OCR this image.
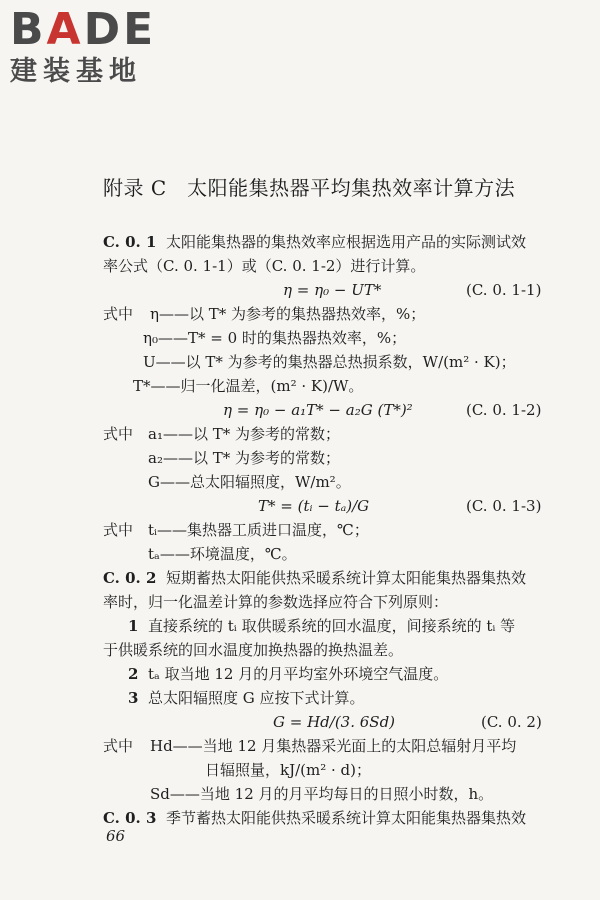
BADE
建装基地
附录 C　太阳能集热器平均集热效率计算方法
C. 0. 1 太阳能集热器的集热效率应根据选用产品的实际测试效
率公式（C. 0. 1-1）或（C. 0. 1-2）进行计算。
η = η₀ − UT*	(C. 0. 1-1)
式中 η——以 T* 为参考的集热器热效率，%；
η₀——T* = 0 时的集热器热效率，%；
U——以 T* 为参考的集热器总热损系数，W/(m² · K)；
T*——归一化温差，(m² · K)/W。
η = η₀ − a₁T* − a₂G (T*)²	(C. 0. 1-2)
式中 a₁——以 T* 为参考的常数；
a₂——以 T* 为参考的常数；
G——总太阳辐照度，W/m²。
T* = (tᵢ − tₐ)/G	(C. 0. 1-3)
式中 tᵢ——集热器工质进口温度，℃；
tₐ——环境温度，℃。
C. 0. 2 短期蓄热太阳能供热采暖系统计算太阳能集热器集热效
率时，归一化温差计算的参数选择应符合下列原则：
1 直接系统的 tᵢ 取供暖系统的回水温度，间接系统的 tᵢ 等
于供暖系统的回水温度加换热器的换热温差。
2 tₐ 取当地 12 月的月平均室外环境空气温度。
3 总太阳辐照度 G 应按下式计算。
G = Hd/(3. 6Sd)	(C. 0. 2)
式中 Hd——当地 12 月集热器采光面上的太阳总辐射月平均
日辐照量，kJ/(m² · d)；
Sd——当地 12 月的月平均每日的日照小时数，h。
C. 0. 3 季节蓄热太阳能供热采暖系统计算太阳能集热器集热效
66
